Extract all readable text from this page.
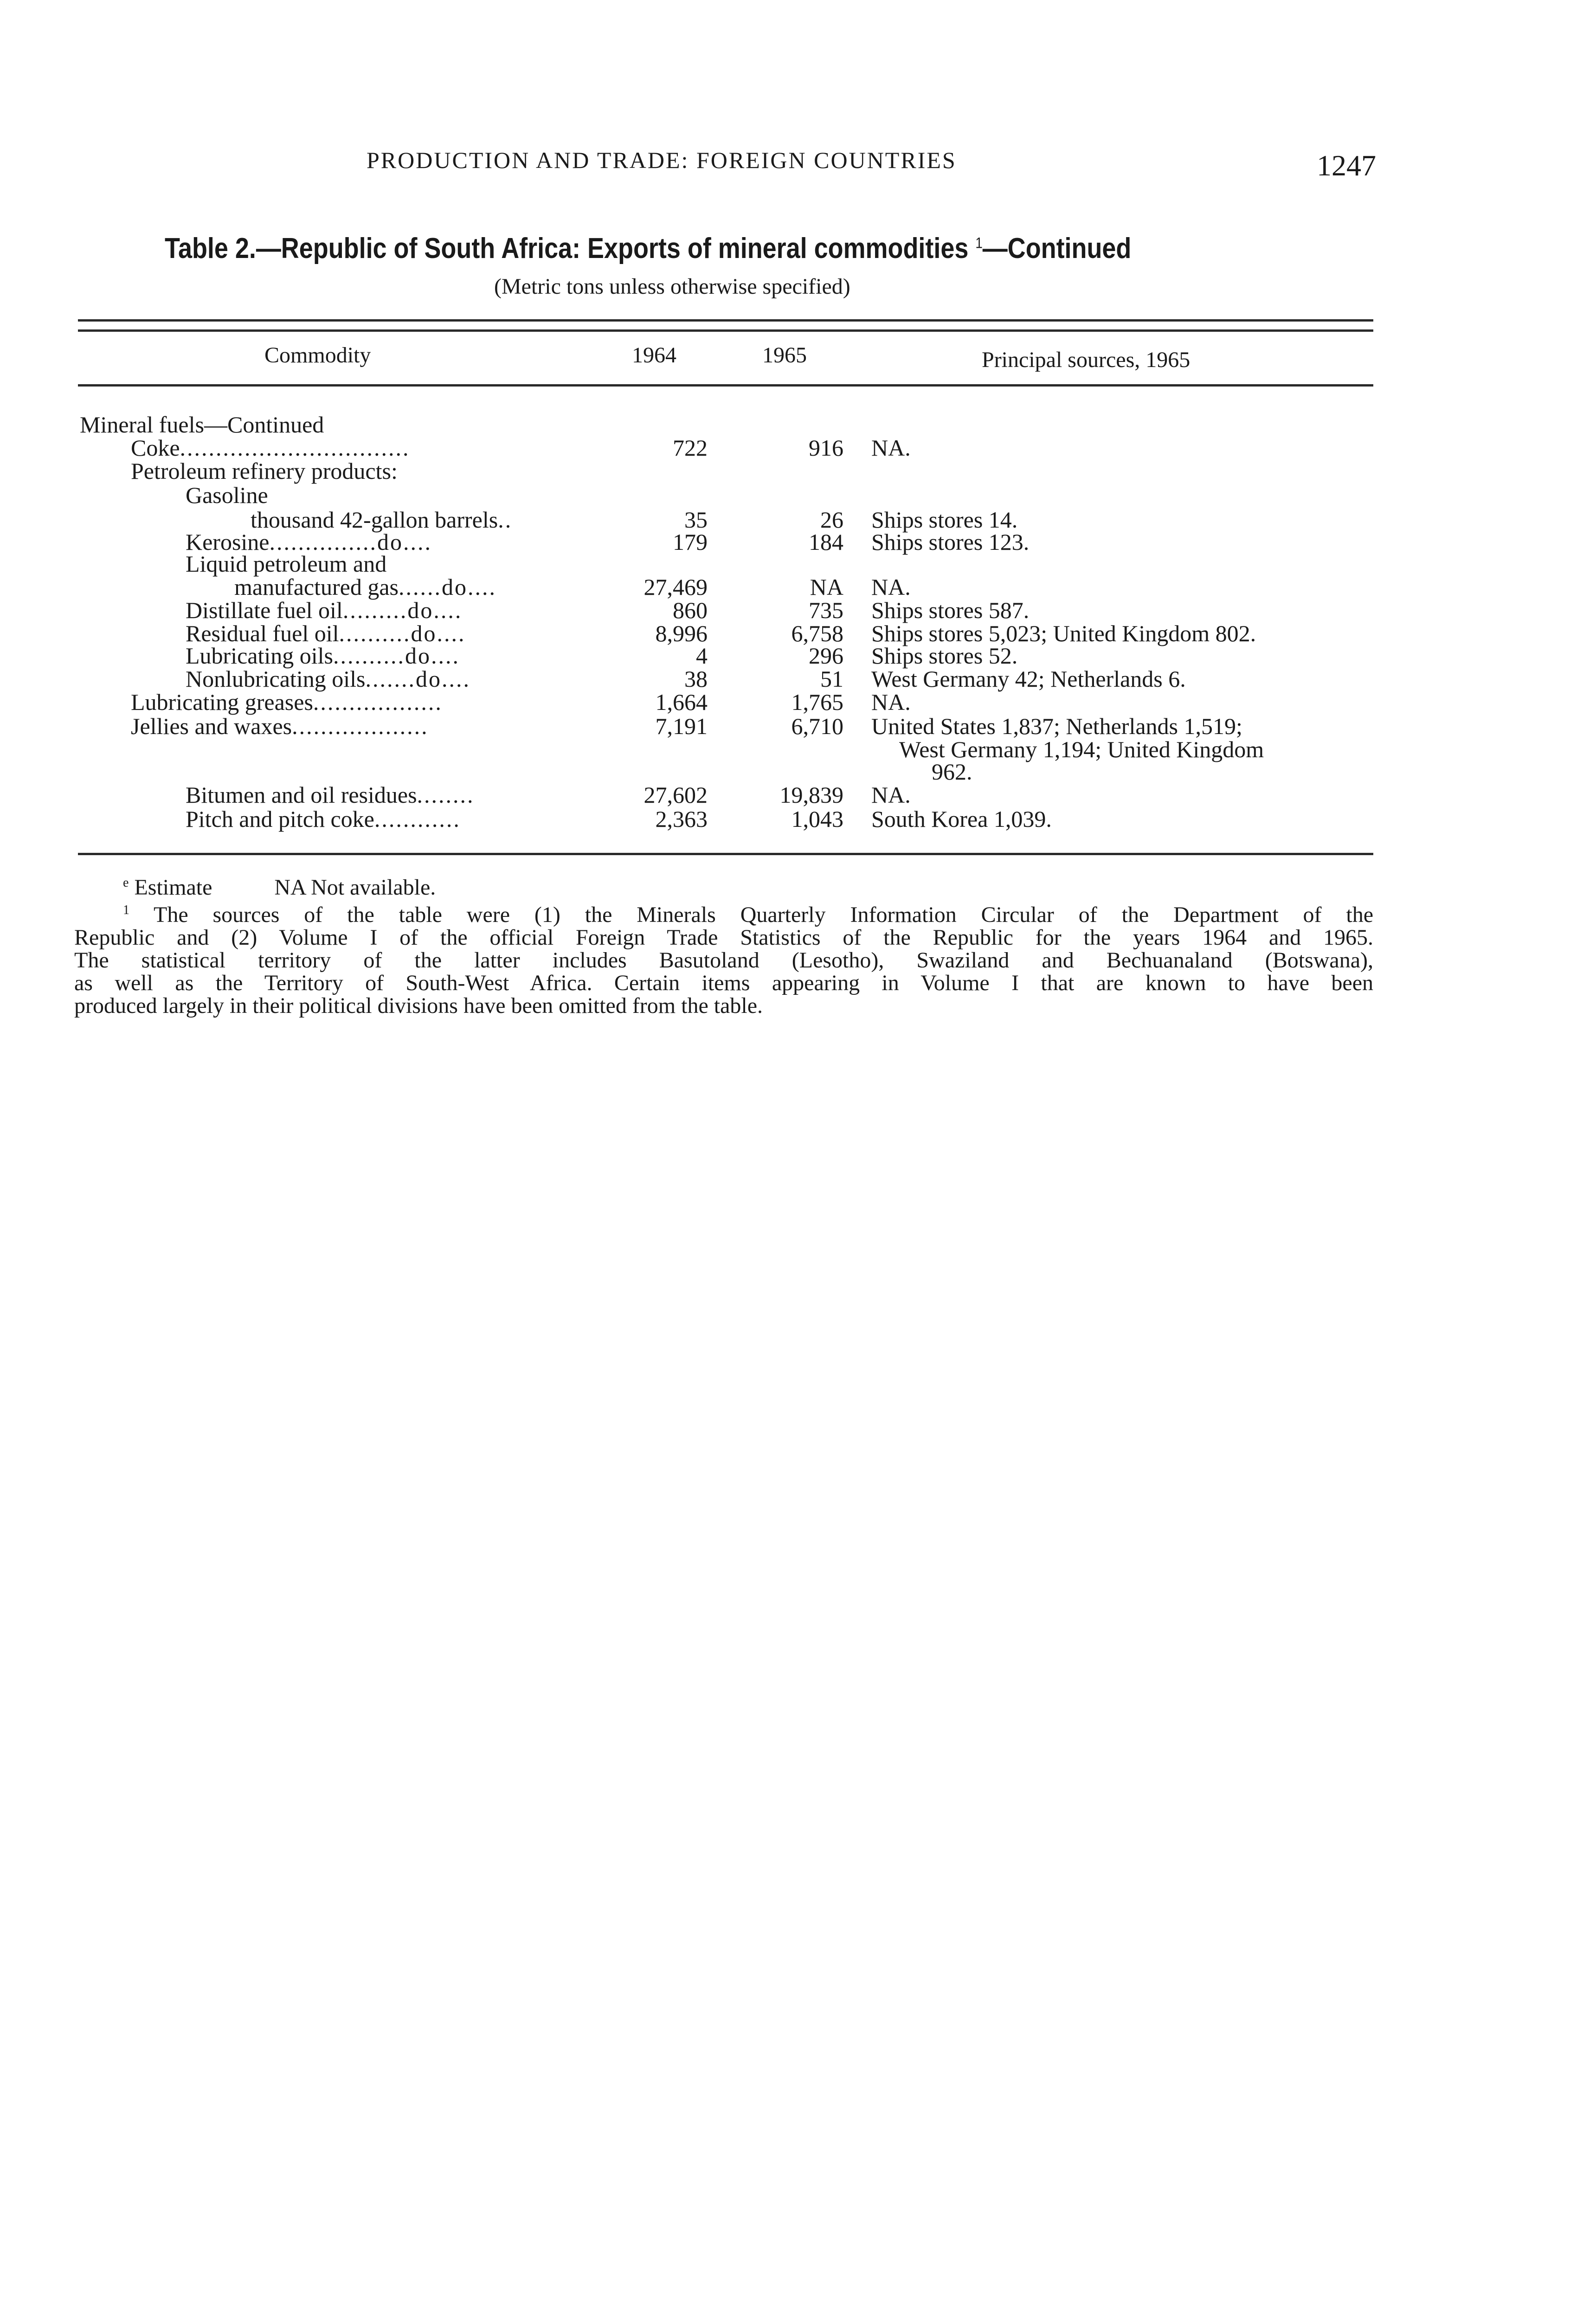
PRODUCTION AND TRADE: FOREIGN COUNTRIES	1247
Table 2.—Republic of South Africa: Exports of mineral commodities $^1$—Continued
(Metric tons unless otherwise specified)
Commodity	1964	1965	Principal sources, 1965
Mineral fuels—Continued
Coke................................	722	916 NA.
Petroleum refinery products:
Gasoline
thousand 42-gallon barrels..	35	26 Ships stores 14.
Kerosine...............do....	179	184 Ships stores 123.
Liquid petroleum and
manufactured gas......do....	27,469	NA NA.
Distillate fuel oil.........do....	860	735 Ships stores 587.
Residual fuel oil..........do....	8,996	6,758 Ships stores 5,023; United Kingdom 802.
Lubricating oils..........do....	4	296 Ships stores 52.
Nonlubricating oils.......do....	38	51 West Germany 42; Netherlands 6.
Lubricating greases..................	1,664	1,765 NA.
Jellies and waxes...................	7,191	6,710 United States 1,837; Netherlands 1,519;
West Germany 1,194; United Kingdom
962.
Bitumen and oil residues........	27,602	19,839 NA.
Pitch and pitch coke............	2,363	1,043 South Korea 1,039.

$^e$ Estimate	NA Not available.

$^1$ The sources of the table were (1) the Minerals Quarterly Information Circular of the Department of the

Republic and (2) Volume I of the official Foreign Trade Statistics of the Republic for the years 1964 and 1965.

The statistical territory of the latter includes Basutoland (Lesotho), Swaziland and Bechuanaland (Botswana),

as well as the Territory of South-West Africa. Certain items appearing in Volume I that are known to have been

produced largely in their political divisions have been omitted from the table.
